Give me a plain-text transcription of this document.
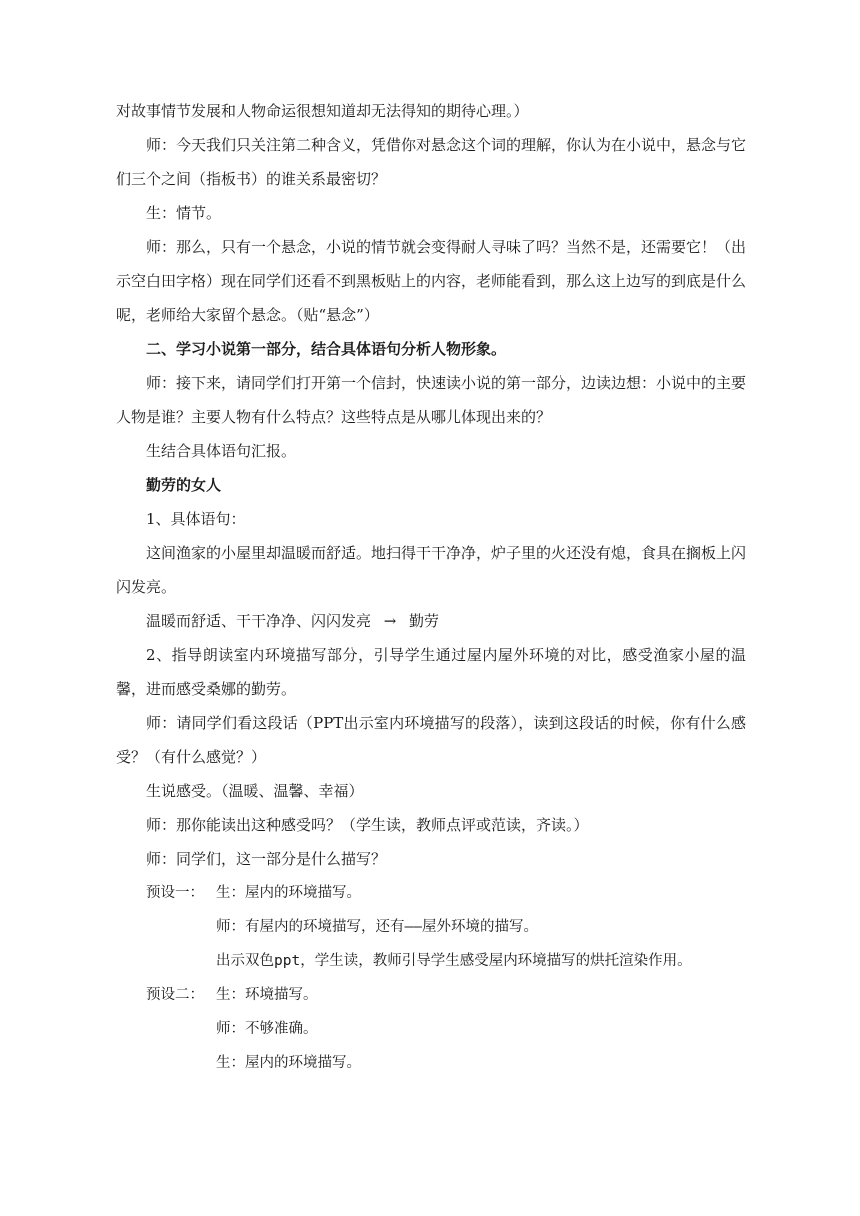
对故事情节发展和人物命运很想知道却无法得知的期待心理。）

师：今天我们只关注第二种含义，凭借你对悬念这个词的理解，你认为在小说中，悬念与它们三个之间（指板书）的谁关系最密切？

生：情节。

师：那么，只有一个悬念，小说的情节就会变得耐人寻味了吗？当然不是，还需要它！（出示空白田字格）现在同学们还看不到黑板贴上的内容，老师能看到，那么这上边写的到底是什么呢，老师给大家留个悬念。（贴“悬念”）

二、学习小说第一部分，结合具体语句分析人物形象。

师：接下来，请同学们打开第一个信封，快速读小说的第一部分，边读边想：小说中的主要人物是谁？主要人物有什么特点？这些特点是从哪儿体现出来的？

生结合具体语句汇报。

勤劳的女人

1、具体语句：

这间渔家的小屋里却温暖而舒适。地扫得干干净净，炉子里的火还没有熄，食具在搁板上闪闪发亮。

温暖而舒适、干干净净、闪闪发亮 → 勤劳

2、指导朗读室内环境描写部分，引导学生通过屋内屋外环境的对比，感受渔家小屋的温馨，进而感受桑娜的勤劳。

师：请同学们看这段话（PPT出示室内环境描写的段落），读到这段话的时候，你有什么感受？（有什么感觉？）

生说感受。（温暖、温馨、幸福）

师：那你能读出这种感受吗？（学生读，教师点评或范读，齐读。）

师：同学们，这一部分是什么描写？

预设一： 生：屋内的环境描写。

师：有屋内的环境描写，还有——屋外环境的描写。

出示双色ppt，学生读，教师引导学生感受屋内环境描写的烘托渲染作用。

预设二： 生：环境描写。

师：不够准确。

生：屋内的环境描写。
